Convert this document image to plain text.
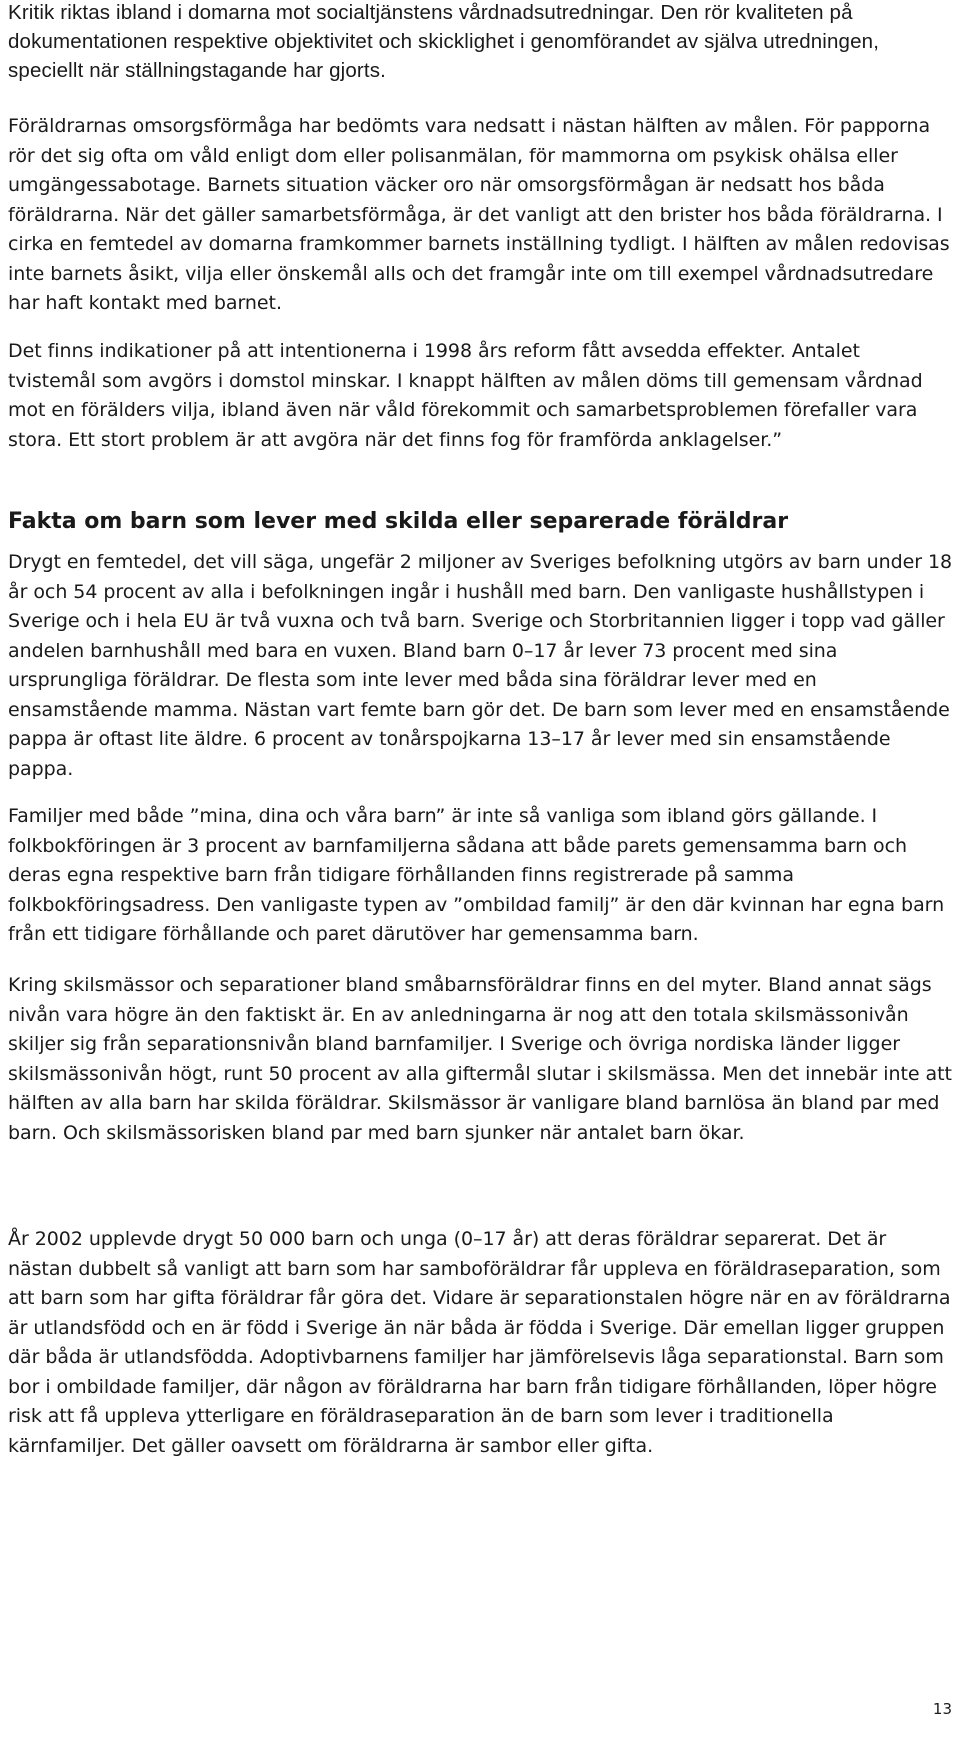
Kritik riktas ibland i domarna mot socialtjänstens vårdnadsutredningar. Den rör kvaliteten på dokumentationen respektive objektivitet och skicklighet i genomförandet av själva utredningen, speciellt när ställningstagande har gjorts.

Föräldrarnas omsorgsförmåga har bedömts vara nedsatt i nästan hälften av målen. För papporna rör det sig ofta om våld enligt dom eller polisanmälan, för mammorna om psykisk ohälsa eller umgängessabotage. Barnets situation väcker oro när omsorgsförmågan är nedsatt hos båda föräldrarna. När det gäller samarbetsförmåga, är det vanligt att den brister hos båda föräldrarna. I cirka en femtedel av domarna framkommer barnets inställning tydligt. I hälften av målen redovisas inte barnets åsikt, vilja eller önskemål alls och det framgår inte om till exempel vårdnadsutredare har haft kontakt med barnet.

Det finns indikationer på att intentionerna i 1998 års reform fått avsedda effekter. Antalet tvistemål som avgörs i domstol minskar. I knappt hälften av målen döms till gemensam vårdnad mot en förälders vilja, ibland även när våld förekommit och samarbetsproblemen förefaller vara stora. Ett stort problem är att avgöra när det finns fog för framförda anklagelser.”

Fakta om barn som lever med skilda eller separerade föräldrar

Drygt en femtedel, det vill säga, ungefär 2 miljoner av Sveriges befolkning utgörs av barn under 18 år och 54 procent av alla i befolkningen ingår i hushåll med barn. Den vanligaste hushållstypen i Sverige och i hela EU är två vuxna och två barn. Sverige och Storbritannien ligger i topp vad gäller andelen barnhushåll med bara en vuxen. Bland barn 0–17 år lever 73 procent med sina ursprungliga föräldrar. De flesta som inte lever med båda sina föräldrar lever med en ensamstående mamma. Nästan vart femte barn gör det. De barn som lever med en ensamstående pappa är oftast lite äldre. 6 procent av tonårspojkarna 13–17 år lever med sin ensamstående pappa.

Familjer med både ”mina, dina och våra barn” är inte så vanliga som ibland görs gällande. I folkbokföringen är 3 procent av barnfamiljerna sådana att både parets gemensamma barn och deras egna respektive barn från tidigare förhållanden finns registrerade på samma folkbokföringsadress. Den vanligaste typen av ”ombildad familj” är den där kvinnan har egna barn från ett tidigare förhållande och paret därutöver har gemensamma barn.

Kring skilsmässor och separationer bland småbarnsföräldrar finns en del myter. Bland annat sägs nivån vara högre än den faktiskt är. En av anledningarna är nog att den totala skilsmässonivån skiljer sig från separationsnivån bland barnfamiljer. I Sverige och övriga nordiska länder ligger skilsmässonivån högt, runt 50 procent av alla giftermål slutar i skilsmässa. Men det innebär inte att hälften av alla barn har skilda föräldrar. Skilsmässor är vanligare bland barnlösa än bland par med barn. Och skilsmässorisken bland par med barn sjunker när antalet barn ökar.

År 2002 upplevde drygt 50 000 barn och unga (0–17 år) att deras föräldrar separerat. Det är nästan dubbelt så vanligt att barn som har samboföräldrar får uppleva en föräldraseparation, som att barn som har gifta föräldrar får göra det. Vidare är separationstalen högre när en av föräldrarna är utlandsfödd och en är född i Sverige än när båda är födda i Sverige. Där emellan ligger gruppen där båda är utlandsfödda. Adoptivbarnens familjer har jämförelsevis låga separationstal. Barn som bor i ombildade familjer, där någon av föräldrarna har barn från tidigare förhållanden, löper högre risk att få uppleva ytterligare en föräldraseparation än de barn som lever i traditionella kärnfamiljer. Det gäller oavsett om föräldrarna är sambor eller gifta.

13
